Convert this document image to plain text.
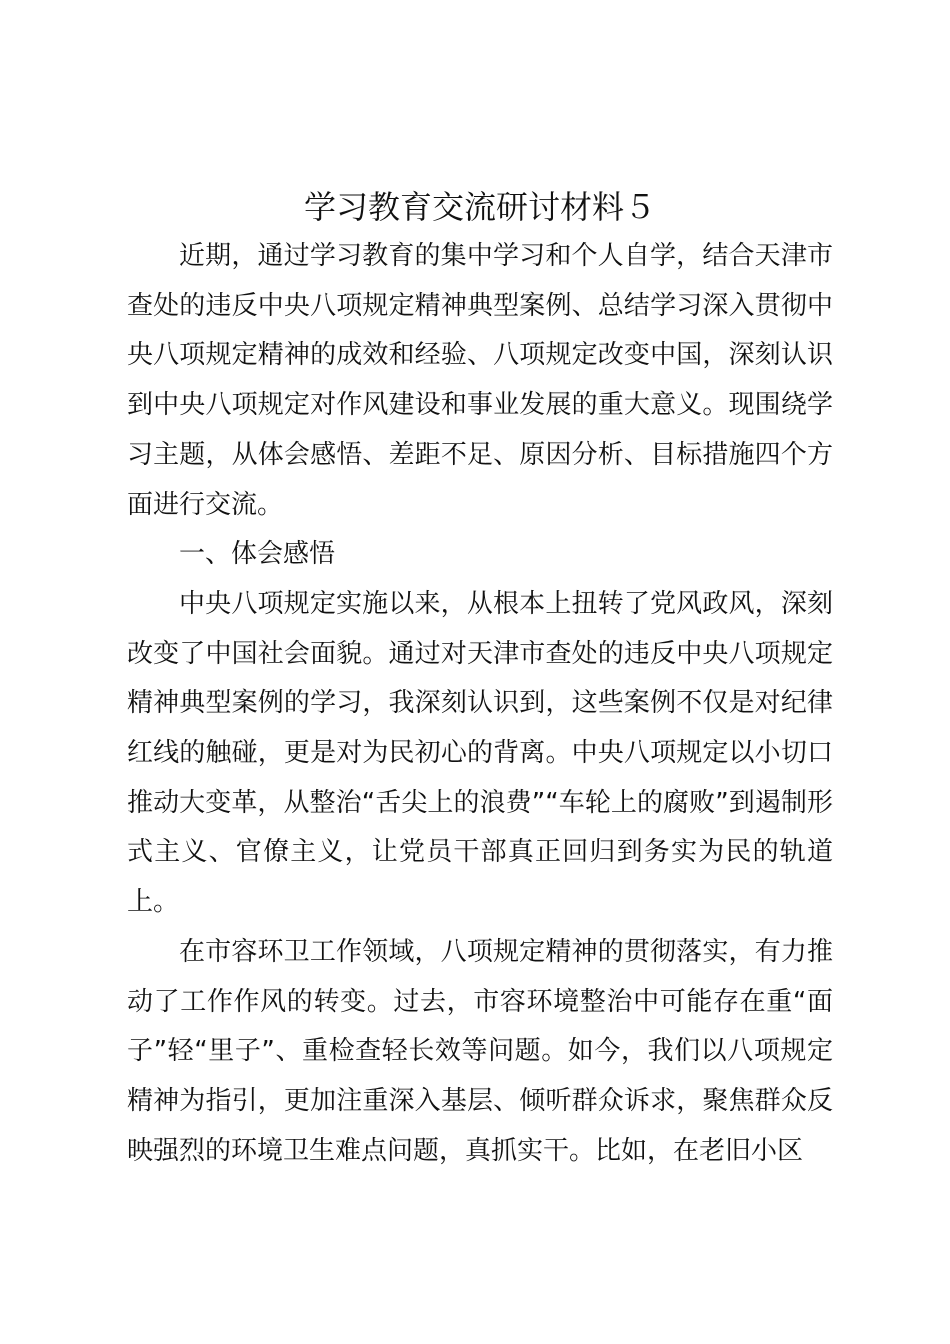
学习教育交流研讨材料５

近期，通过学习教育的集中学习和个人自学，结合天津市查处的违反中央八项规定精神典型案例、总结学习深入贯彻中央八项规定精神的成效和经验、八项规定改变中国，深刻认识到中央八项规定对作风建设和事业发展的重大意义。现围绕学习主题，从体会感悟、差距不足、原因分析、目标措施四个方面进行交流。

一、体会感悟

中央八项规定实施以来，从根本上扭转了党风政风，深刻改变了中国社会面貌。通过对天津市查处的违反中央八项规定精神典型案例的学习，我深刻认识到，这些案例不仅是对纪律红线的触碰，更是对为民初心的背离。中央八项规定以小切口推动大变革，从整治“舌尖上的浪费”“车轮上的腐败”到遏制形式主义、官僚主义，让党员干部真正回归到务实为民的轨道上。

在市容环卫工作领域，八项规定精神的贯彻落实，有力推动了工作作风的转变。过去，市容环境整治中可能存在重“面子”轻“里子”、重检查轻长效等问题。如今，我们以八项规定精神为指引，更加注重深入基层、倾听群众诉求，聚焦群众反映强烈的环境卫生难点问题，真抓实干。比如，在老旧小区
